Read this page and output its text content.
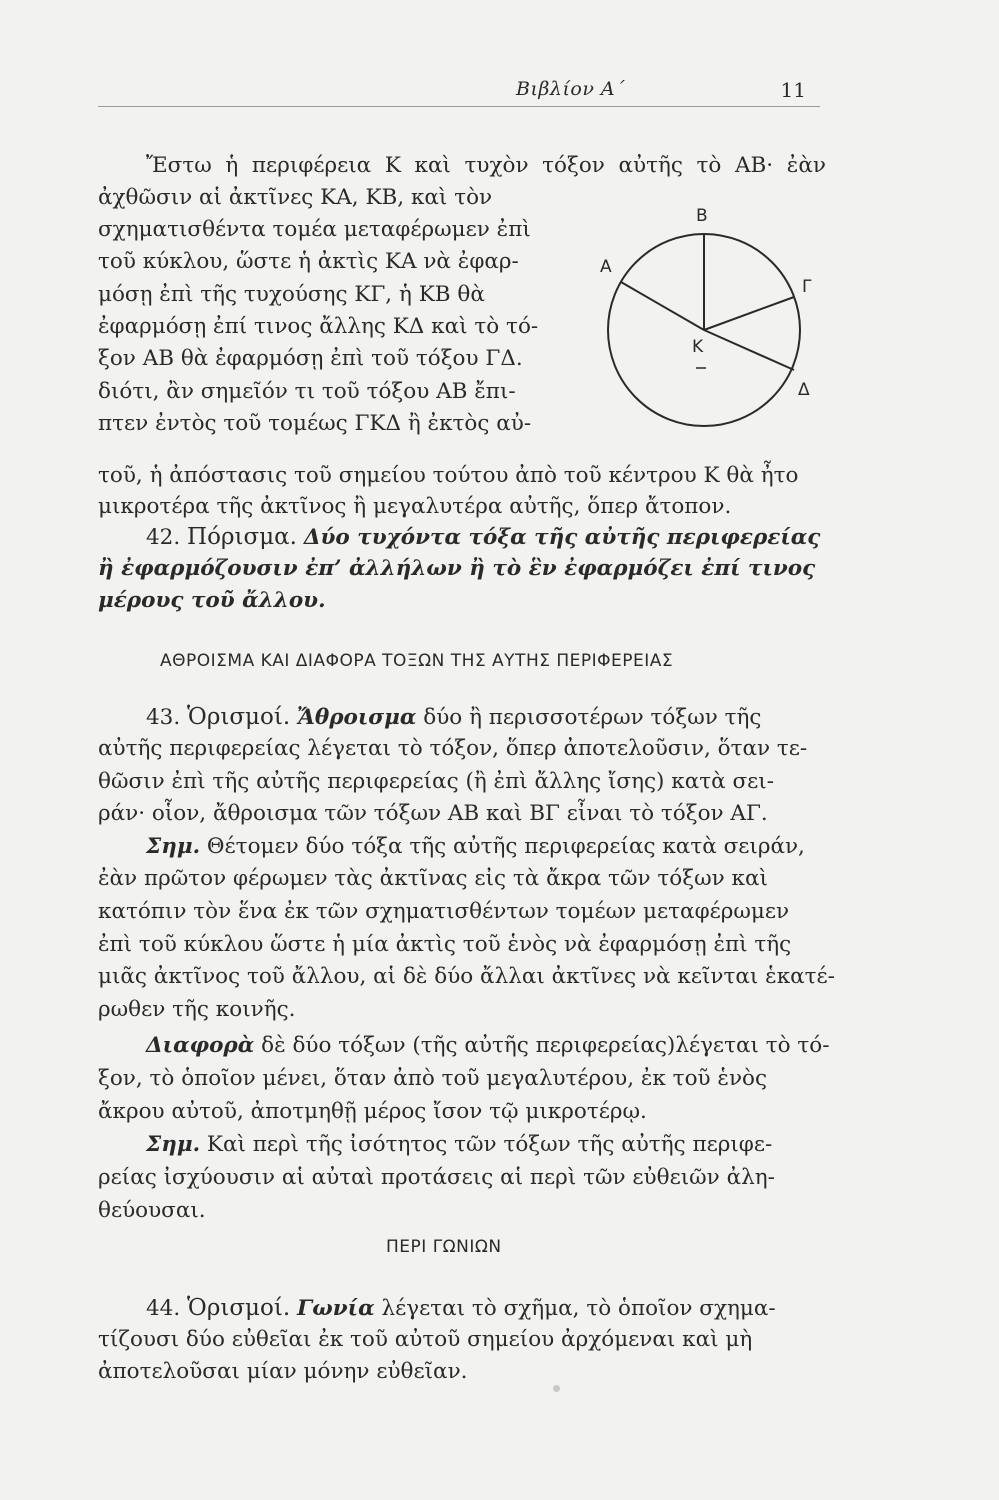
Βιβλίον Α΄	11
Β
Α
Γ
Δ
Κ
Ἔστω ἡ περιφέρεια Κ καὶ τυχὸν τόξον αὐτῆς τὸ ΑΒ· ἐὰν
ἀχθῶσιν αἱ ἀκτῖνες ΚΑ, ΚΒ, καὶ τὸν
σχηματισθέντα τομέα μεταφέρωμεν ἐπὶ
τοῦ κύκλου, ὥστε ἡ ἀκτὶς ΚΑ νὰ ἐφαρ-
μόσῃ ἐπὶ τῆς τυχούσης ΚΓ, ἡ ΚΒ θὰ
ἐφαρμόσῃ ἐπί τινος ἄλλης ΚΔ καὶ τὸ τό-
ξον ΑΒ θὰ ἐφαρμόσῃ ἐπὶ τοῦ τόξου ΓΔ.
διότι, ἂν σημεῖόν τι τοῦ τόξου ΑΒ ἔπι-
πτεν ἐντὸς τοῦ τομέως ΓΚΔ ἢ ἐκτὸς αὐ-
τοῦ, ἡ ἀπόστασις τοῦ σημείου τούτου ἀπὸ τοῦ κέντρου Κ θὰ ἦτο
μικροτέρα τῆς ἀκτῖνος ἢ μεγαλυτέρα αὐτῆς, ὅπερ ἄτοπον.
42. Πόρισμα. Δύο τυχόντα τόξα τῆς αὐτῆς περιφερείας
ἢ ἐφαρμόζουσιν ἐπ’ ἀλλήλων ἢ τὸ ἓν ἐφαρμόζει ἐπί τινος
μέρους τοῦ ἄλλου.
ΑΘΡΟΙΣΜΑ ΚΑΙ ΔΙΑΦΟΡΑ ΤΟΞΩΝ ΤΗΣ ΑΥΤΗΣ ΠΕΡΙΦΕΡΕΙΑΣ
43. Ὁρισμοί. Ἄθροισμα δύο ἢ περισσοτέρων τόξων τῆς
αὐτῆς περιφερείας λέγεται τὸ τόξον, ὅπερ ἀποτελοῦσιν, ὅταν τε-
θῶσιν ἐπὶ τῆς αὐτῆς περιφερείας (ἢ ἐπὶ ἄλλης ἴσης) κατὰ σει-
ράν· οἷον, ἄθροισμα τῶν τόξων ΑΒ καὶ ΒΓ εἶναι τὸ τόξον ΑΓ.
Σημ. Θέτομεν δύο τόξα τῆς αὐτῆς περιφερείας κατὰ σειράν,
ἐὰν πρῶτον φέρωμεν τὰς ἀκτῖνας εἰς τὰ ἄκρα τῶν τόξων καὶ
κατόπιν τὸν ἕνα ἐκ τῶν σχηματισθέντων τομέων μεταφέρωμεν
ἐπὶ τοῦ κύκλου ὥστε ἡ μία ἀκτὶς τοῦ ἑνὸς νὰ ἐφαρμόσῃ ἐπὶ τῆς
μιᾶς ἀκτῖνος τοῦ ἄλλου, αἱ δὲ δύο ἄλλαι ἀκτῖνες νὰ κεῖνται ἑκατέ-
ρωθεν τῆς κοινῆς.
Διαφορὰ δὲ δύο τόξων (τῆς αὐτῆς περιφερείας)λέγεται τὸ τό-
ξον, τὸ ὁποῖον μένει, ὅταν ἀπὸ τοῦ μεγαλυτέρου, ἐκ τοῦ ἑνὸς
ἄκρου αὐτοῦ, ἀποτμηθῇ μέρος ἴσον τῷ μικροτέρῳ.
Σημ. Καὶ περὶ τῆς ἰσότητος τῶν τόξων τῆς αὐτῆς περιφε-
ρείας ἰσχύουσιν αἱ αὐταὶ προτάσεις αἱ περὶ τῶν εὐθειῶν ἀλη-
θεύουσαι.
ΠΕΡΙ ΓΩΝΙΩΝ
44. Ὁρισμοί. Γωνία λέγεται τὸ σχῆμα, τὸ ὁποῖον σχημα-
τίζουσι δύο εὐθεῖαι ἐκ τοῦ αὐτοῦ σημείου ἀρχόμεναι καὶ μὴ
ἀποτελοῦσαι μίαν μόνην εὐθεῖαν.
